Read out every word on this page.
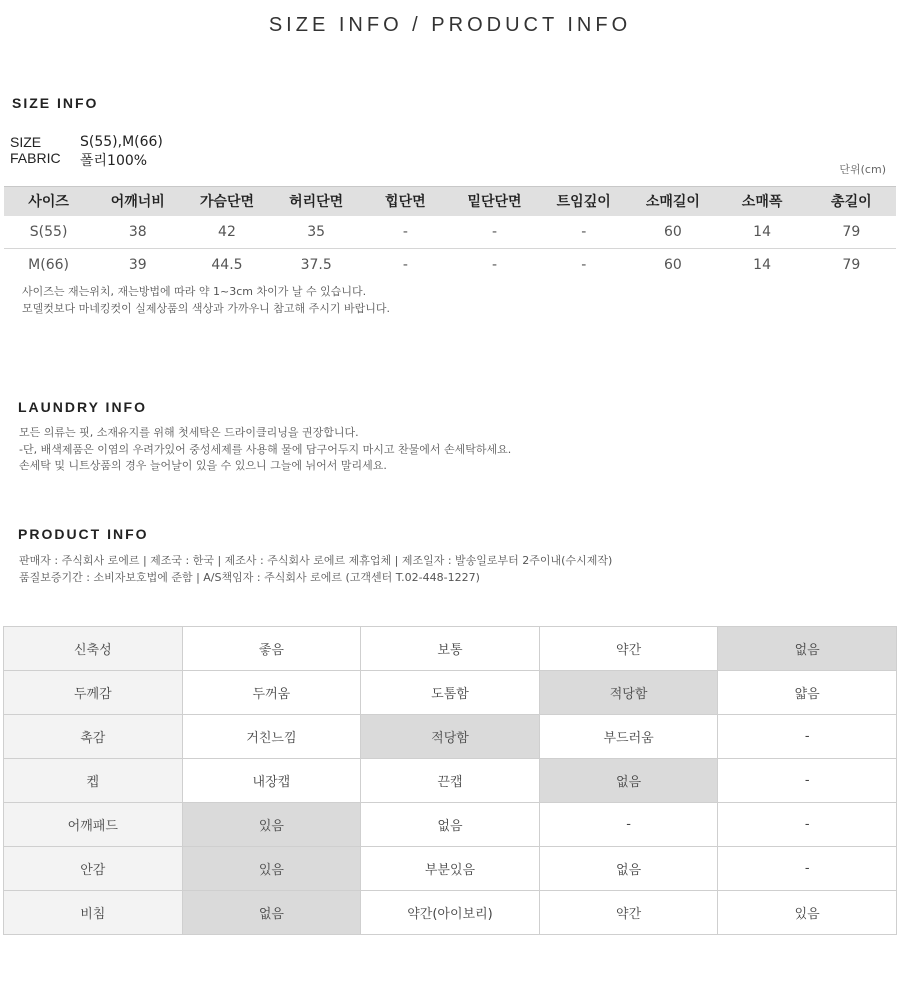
SIZE INFO / PRODUCT INFO
SIZE INFO
SIZE	S(55),M(66)
FABRIC	폴리100%
단위(cm)
사이즈	어깨너비	가슴단면	허리단면	힙단면	밑단단면	트임깊이	소매길이	소매폭	총길이
S(55)	38	42	35	-	-	-	60	14	79
M(66)	39	44.5	37.5	-	-	-	60	14	79
사이즈는 재는위치, 재는방법에 따라 약 1~3cm 차이가 날 수 있습니다.
모델컷보다 마네킹컷이 실제상품의 색상과 가까우니 참고해 주시기 바랍니다.
LAUNDRY INFO
모든 의류는 핏, 소재유지를 위해 첫세탁은 드라이클리닝을 권장합니다.
-단, 배색제품은 이염의 우려가있어 중성세제를 사용해 물에 담구어두지 마시고 찬물에서 손세탁하세요.
손세탁 및 니트상품의 경우 늘어날이 있을 수 있으니 그늘에 뉘어서 말리세요.
PRODUCT INFO
판매자 : 주식회사 로에르 | 제조국 : 한국 | 제조사 : 주식회사 로에르 제휴업체 | 제조일자 : 발송일로부터 2주이내(수시제작)
품질보증기간 : 소비자보호법에 준함 | A/S책임자 : 주식회사 로에르 (고객센터 T.02-448-1227)
신축성	좋음	보통	약간	없음
두께감	두꺼움	도톰함	적당함	얇음
촉감	거친느낌	적당함	부드러움	-
켑	내장캡	끈캡	없음	-
어깨패드	있음	없음	-	-
안감	있음	부분있음	없음	-
비침	없음	약간(아이보리)	약간	있음
